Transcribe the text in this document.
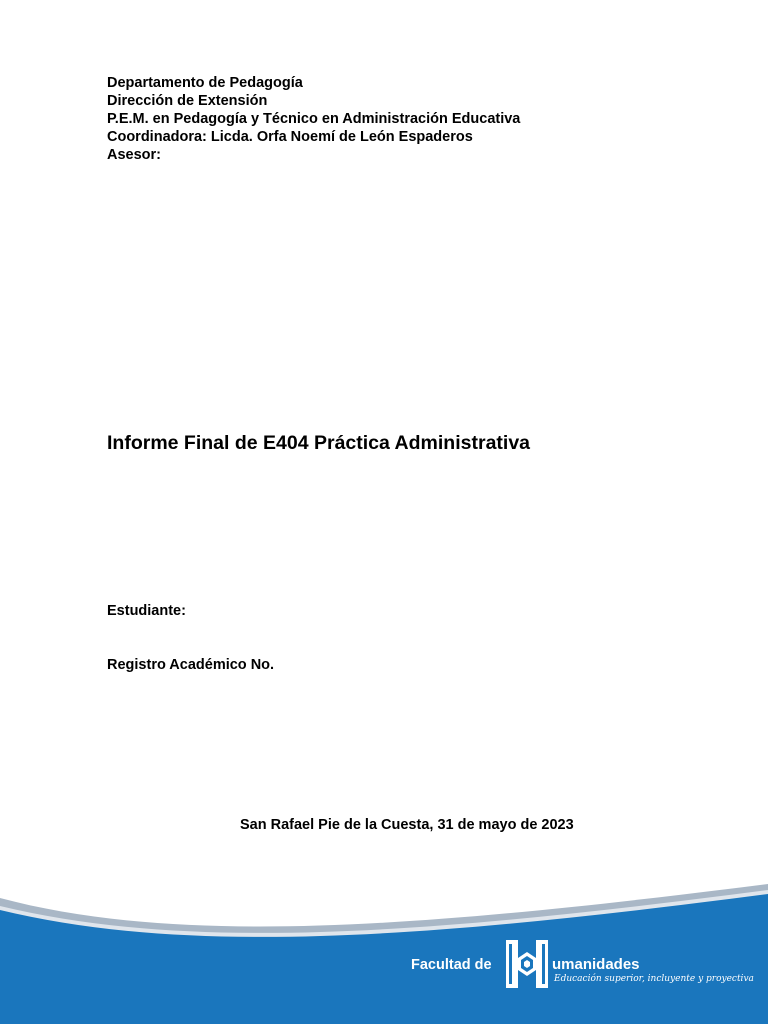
Departamento de Pedagogía
Dirección de Extensión
P.E.M. en Pedagogía y Técnico en Administración Educativa
Coordinadora: Licda. Orfa Noemí de León Espaderos
Asesor:
Informe Final de E404 Práctica Administrativa
Estudiante:
Registro Académico No.
San Rafael Pie de la Cuesta, 31 de mayo de 2023
Facultad de	umanidades
Educación superior, incluyente y proyectiva
